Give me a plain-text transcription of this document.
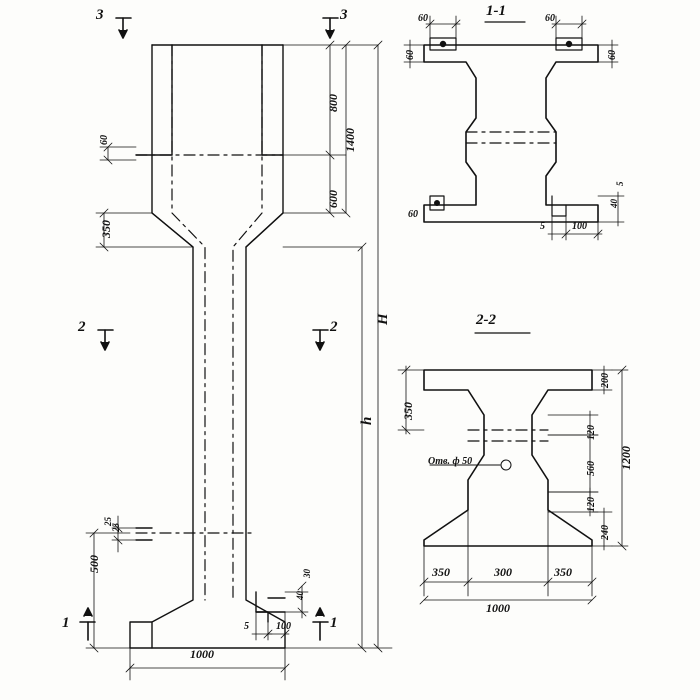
1-1
2-2
3	3
2	2
1	1
800
600
1400
h
H
350
60
500
25
25
1000
5	100
30
40
60	60
60	60
60
5
40
5	100
350
200
120
560
120
240
1200
Отв. ф 50
350	300	350
1000
